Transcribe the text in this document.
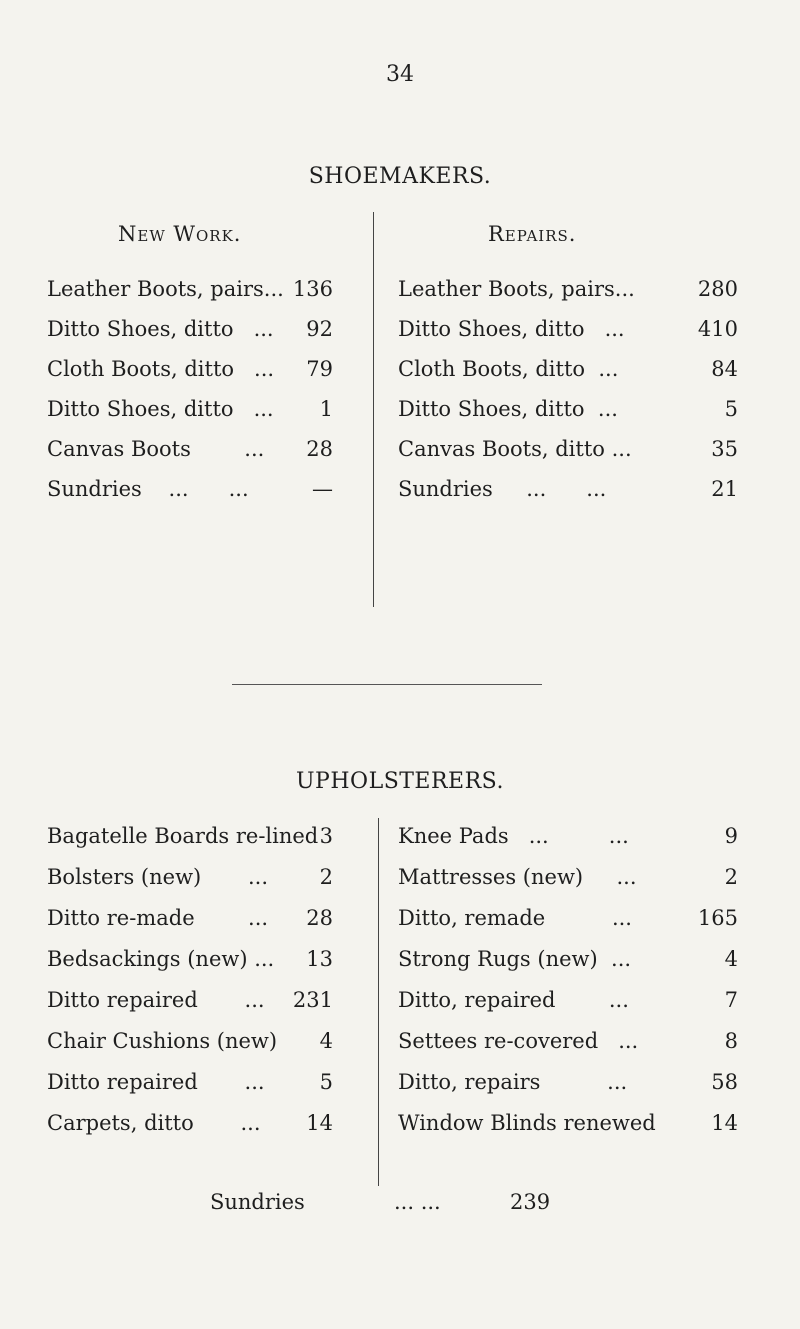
34
SHOEMAKERS.
New Work.	Repairs.
Leather Boots, pairs... 136
Ditto Shoes, ditto   ... 92
Cloth Boots, ditto   ... 79
Ditto Shoes, ditto   ... 1
Canvas Boots        ... 28
Sundries    ...      ...	—
Leather Boots, pairs...	280
Ditto Shoes, ditto   ...	410
Cloth Boots, ditto  ...	84
Ditto Shoes, ditto  ...	5
Canvas Boots, ditto ...	35
Sundries     ...      ...	21
UPHOLSTERERS.
Bagatelle Boards re-lined 3
Bolsters (new)       ... 2
Ditto re-made        ... 28
Bedsackings (new) ... 13
Ditto repaired       ... 231
Chair Cushions (new) 4
Ditto repaired       ...	5
Carpets, ditto       ... 14
Knee Pads   ...         ...	9
Mattresses (new)     ...	2
Ditto, remade          ...	165
Strong Rugs (new)  ...	4
Ditto, repaired        ...	7
Settees re-covered   ...	8
Ditto, repairs          ...	58
Window Blinds renewed	14
Sundries	... ...	239
